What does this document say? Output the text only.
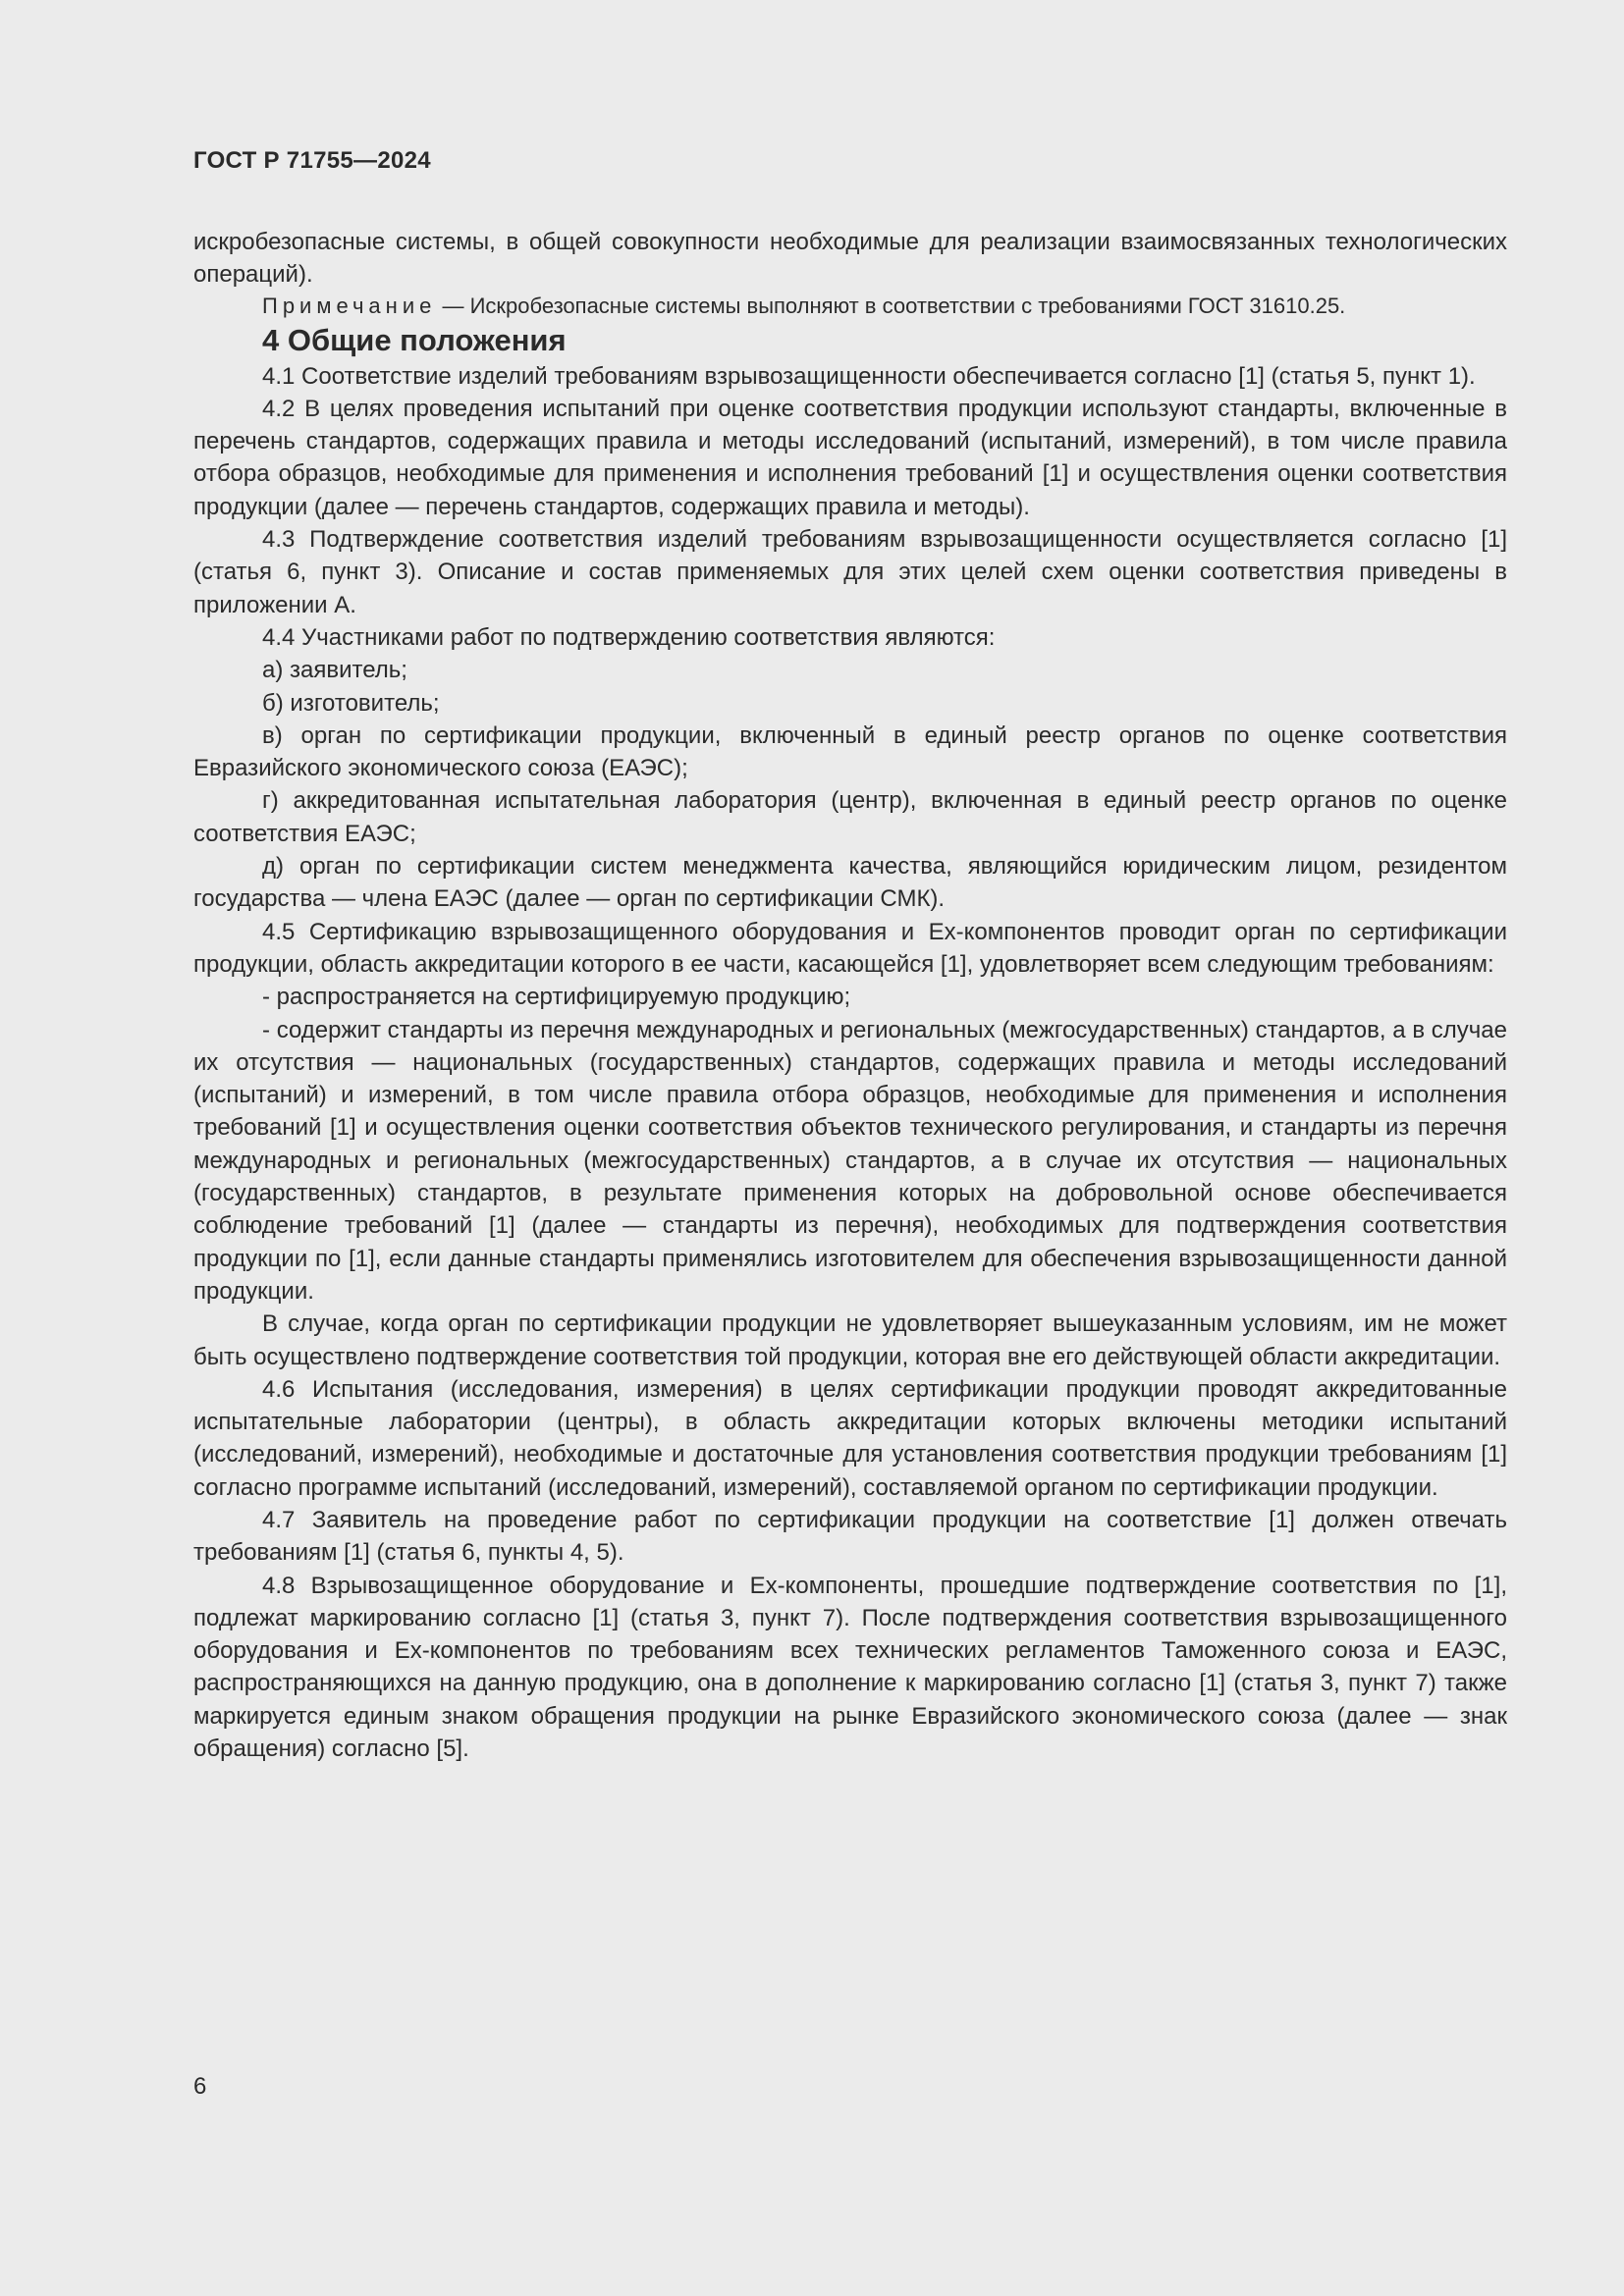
ГОСТ Р 71755—2024

искробезопасные системы, в общей совокупности необходимые для реализации взаимосвязанных технологических операций).

Примечание — Искробезопасные системы выполняют в соответствии с требованиями ГОСТ 31610.25.

4 Общие положения

4.1 Соответствие изделий требованиям взрывозащищенности обеспечивается согласно [1] (статья 5, пункт 1).

4.2 В целях проведения испытаний при оценке соответствия продукции используют стандарты, включенные в перечень стандартов, содержащих правила и методы исследований (испытаний, измерений), в том числе правила отбора образцов, необходимые для применения и исполнения требований [1] и осуществления оценки соответствия продукции (далее — перечень стандартов, содержащих правила и методы).

4.3 Подтверждение соответствия изделий требованиям взрывозащищенности осуществляется согласно [1] (статья 6, пункт 3). Описание и состав применяемых для этих целей схем оценки соответствия приведены в приложении А.

4.4 Участниками работ по подтверждению соответствия являются:

а) заявитель;

б) изготовитель;

в) орган по сертификации продукции, включенный в единый реестр органов по оценке соответствия Евразийского экономического союза (ЕАЭС);

г) аккредитованная испытательная лаборатория (центр), включенная в единый реестр органов по оценке соответствия ЕАЭС;

д) орган по сертификации систем менеджмента качества, являющийся юридическим лицом, резидентом государства — члена ЕАЭС (далее — орган по сертификации СМК).

4.5 Сертификацию взрывозащищенного оборудования и Ex-компонентов проводит орган по сертификации продукции, область аккредитации которого в ее части, касающейся [1], удовлетворяет всем следующим требованиям:

- распространяется на сертифицируемую продукцию;

- содержит стандарты из перечня международных и региональных (межгосударственных) стандартов, а в случае их отсутствия — национальных (государственных) стандартов, содержащих правила и методы исследований (испытаний) и измерений, в том числе правила отбора образцов, необходимые для применения и исполнения требований [1] и осуществления оценки соответствия объектов технического регулирования, и стандарты из перечня международных и региональных (межгосударственных) стандартов, а в случае их отсутствия — национальных (государственных) стандартов, в результате применения которых на добровольной основе обеспечивается соблюдение требований [1] (далее — стандарты из перечня), необходимых для подтверждения соответствия продукции по [1], если данные стандарты применялись изготовителем для обеспечения взрывозащищенности данной продукции.

В случае, когда орган по сертификации продукции не удовлетворяет вышеуказанным условиям, им не может быть осуществлено подтверждение соответствия той продукции, которая вне его действующей области аккредитации.

4.6 Испытания (исследования, измерения) в целях сертификации продукции проводят аккредитованные испытательные лаборатории (центры), в область аккредитации которых включены методики испытаний (исследований, измерений), необходимые и достаточные для установления соответствия продукции требованиям [1] согласно программе испытаний (исследований, измерений), составляемой органом по сертификации продукции.

4.7 Заявитель на проведение работ по сертификации продукции на соответствие [1] должен отвечать требованиям [1] (статья 6, пункты 4, 5).

4.8 Взрывозащищенное оборудование и Ex-компоненты, прошедшие подтверждение соответствия по [1], подлежат маркированию согласно [1] (статья 3, пункт 7). После подтверждения соответствия взрывозащищенного оборудования и Ex-компонентов по требованиям всех технических регламентов Таможенного союза и ЕАЭС, распространяющихся на данную продукцию, она в дополнение к маркированию согласно [1] (статья 3, пункт 7) также маркируется единым знаком обращения продукции на рынке Евразийского экономического союза (далее — знак обращения) согласно [5].

6
